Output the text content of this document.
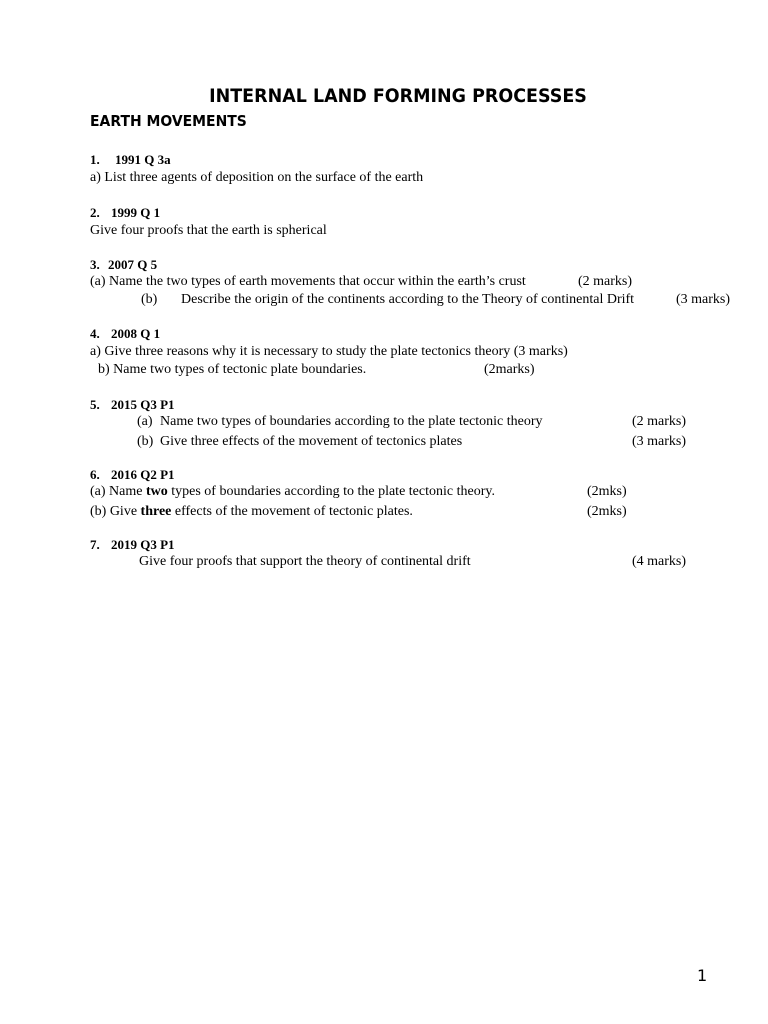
INTERNAL LAND FORMING PROCESSES
EARTH MOVEMENTS
1. 1991 Q 3a
a) List three agents of deposition on the surface of the earth
2. 1999 Q 1
Give four proofs that the earth is spherical
3. 2007 Q 5
(a) Name the two types of earth movements that occur within the earth’s crust	(2 marks)
(b) Describe the origin of the continents according to the Theory of continental Drift	(3 marks)
4. 2008 Q 1
a) Give three reasons why it is necessary to study the plate tectonics theory (3 marks)
b) Name two types of tectonic plate boundaries.	(2marks)
5. 2015 Q3 P1
(a) Name two types of boundaries according to the plate tectonic theory	(2 marks)
(b) Give three effects of the movement of tectonics plates	(3 marks)
6. 2016 Q2 P1
(a) Name two types of boundaries according to the plate tectonic theory.	(2mks)
(b) Give three effects of the movement of tectonic plates.	(2mks)
7. 2019 Q3 P1
Give four proofs that support the theory of continental drift	(4 marks)
1
